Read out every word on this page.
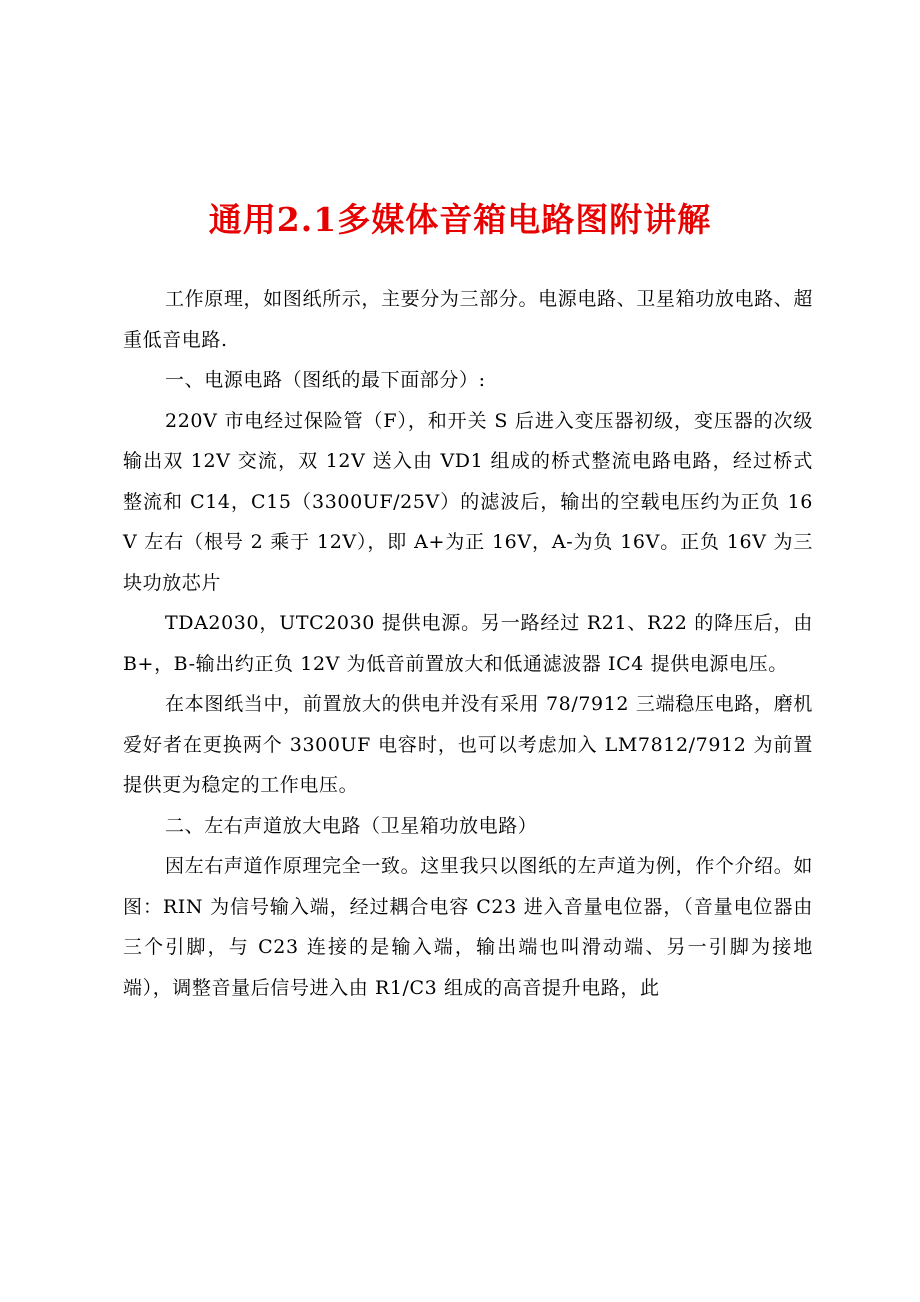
通用2.1多媒体音箱电路图附讲解

工作原理，如图纸所示，主要分为三部分。电源电路、卫星箱功放电路、超重低音电路.

一、电源电路（图纸的最下面部分）:

220V 市电经过保险管（F），和开关 S 后进入变压器初级，变压器的次级输出双 12V 交流，双 12V 送入由 VD1 组成的桥式整流电路电路，经过桥式整流和 C14，C15（3300UF/25V）的滤波后，输出的空载电压约为正负 16V 左右（根号 2 乘于 12V），即 A+为正 16V，A-为负 16V。正负 16V 为三块功放芯片

TDA2030，UTC2030 提供电源。另一路经过 R21、R22 的降压后，由 B+，B-输出约正负 12V 为低音前置放大和低通滤波器 IC4 提供电源电压。

在本图纸当中，前置放大的供电并没有采用 78/7912 三端稳压电路，磨机爱好者在更换两个 3300UF 电容时，也可以考虑加入 LM7812/7912 为前置提供更为稳定的工作电压。

二、左右声道放大电路（卫星箱功放电路）

因左右声道作原理完全一致。这里我只以图纸的左声道为例，作个介绍。如图：RIN 为信号输入端，经过耦合电容 C23 进入音量电位器，（音量电位器由三个引脚，与 C23 连接的是输入端，输出端也叫滑动端、另一引脚为接地端），调整音量后信号进入由 R1/C3 组成的高音提升电路，此
